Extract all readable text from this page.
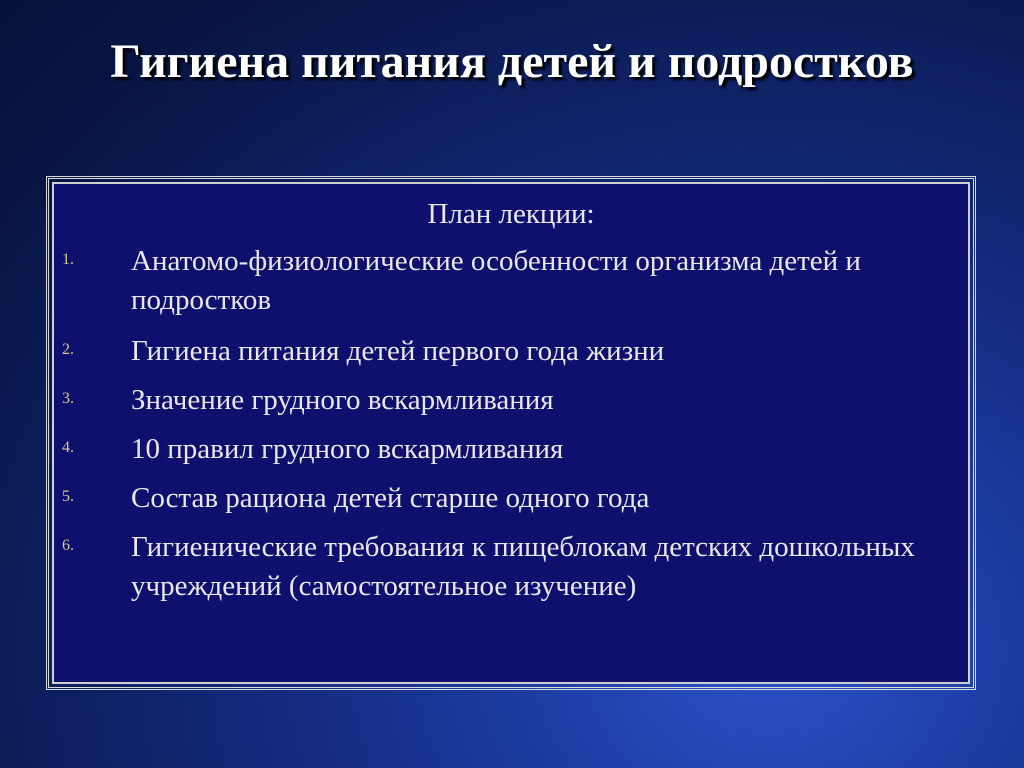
Гигиена питания детей и подростков
План лекции:
1. Анатомо-физиологические особенности организма детей и подростков
2. Гигиена питания детей первого года жизни
3. Значение грудного вскармливания
4. 10 правил грудного вскармливания
5. Состав рациона детей старше одного года
6. Гигиенические требования к пищеблокам детских дошкольных учреждений (самостоятельное изучение)
